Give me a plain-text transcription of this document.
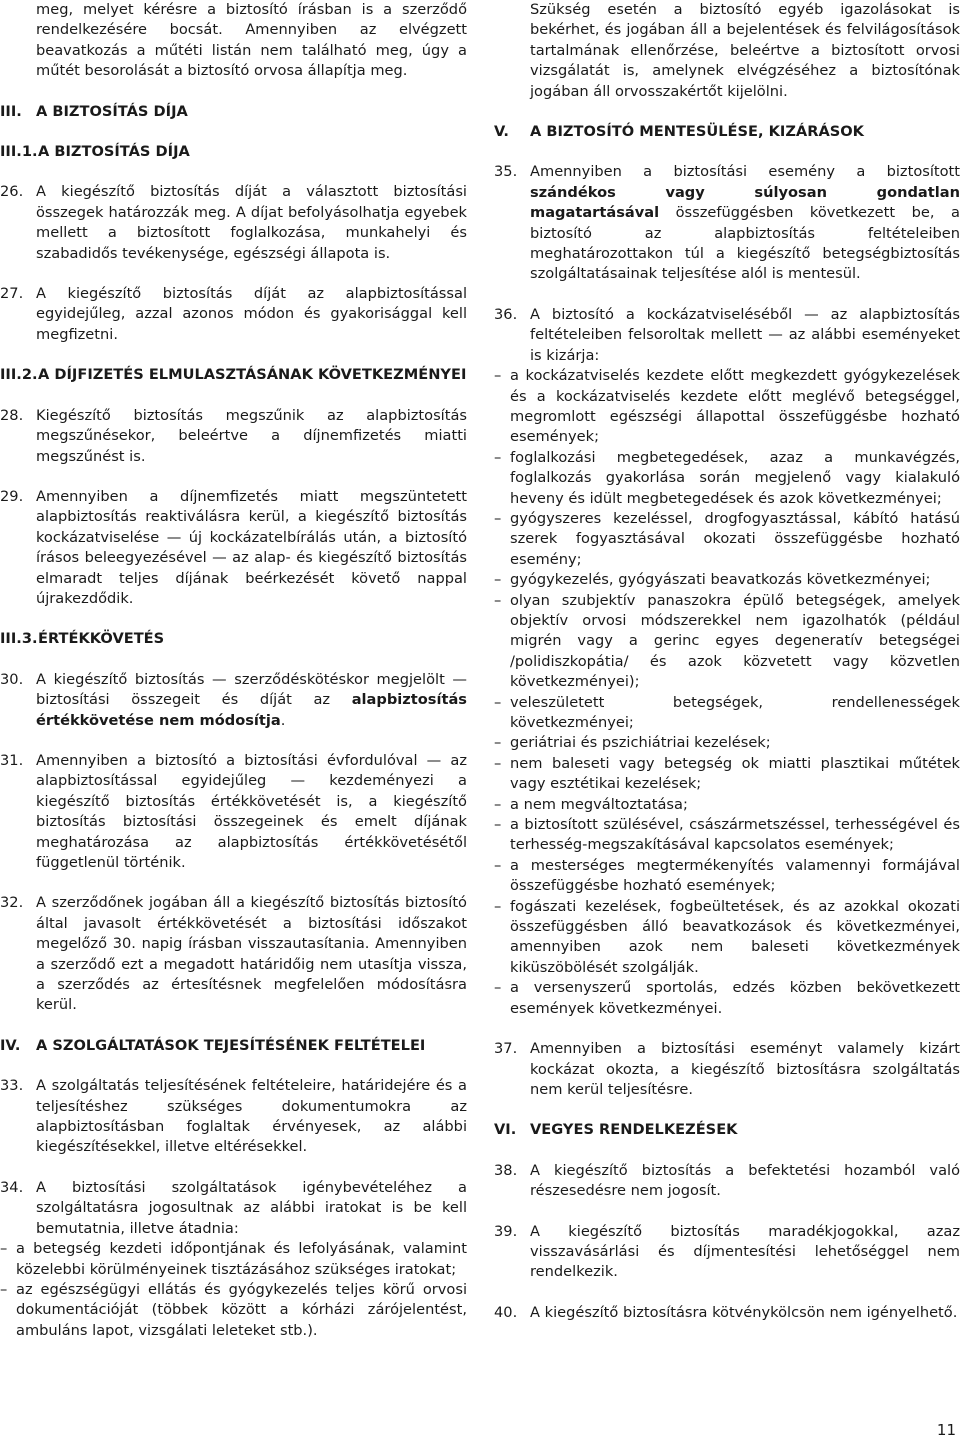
meg, melyet kérésre a biztosító írásban is a szerződő rendelkezésére bocsát. Amennyiben az elvégzett beavatkozás a műtéti listán nem található meg, úgy a műtét besorolását a biztosító orvosa állapítja meg.
III. A BIZTOSÍTÁS DÍJA
III.1. A BIZTOSÍTÁS DÍJA
26. A kiegészítő biztosítás díját a választott biztosítási összegek határozzák meg. A díjat befolyásolhatja egyebek mellett a biztosított foglalkozása, munkahelyi és szabadidős tevékenysége, egészségi állapota is.
27. A kiegészítő biztosítás díját az alapbiztosítással egyidejűleg, azzal azonos módon és gyakorisággal kell megfizetni.
III.2. A DÍJFIZETÉS ELMULASZTÁSÁNAK KÖVETKEZMÉNYEI
28. Kiegészítő biztosítás megszűnik az alapbiztosítás megszűnésekor, beleértve a díjnemfizetés miatti megszűnést is.
29. Amennyiben a díjnemfizetés miatt megszüntetett alapbiztosítás reaktiválásra kerül, a kiegészítő biztosítás kockázatviselése — új kockázatelbírálás után, a biztosító írásos beleegyezésével — az alap- és kiegészítő biztosítás elmaradt teljes díjának beérkezését követő nappal újrakezdődik.
III.3. ÉRTÉKKÖVETÉS
30. A kiegészítő biztosítás — szerződéskötéskor megjelölt — biztosítási összegeit és díját az alapbiztosítás értékkövetése nem módosítja.
31. Amennyiben a biztosító a biztosítási évfordulóval — az alapbiztosítással egyidejűleg — kezdeményezi a kiegészítő biztosítás értékkövetését is, a kiegészítő biztosítás biztosítási összegeinek és emelt díjának meghatározása az alapbiztosítás értékkövetésétől függetlenül történik.
32. A szerződőnek jogában áll a kiegészítő biztosítás biztosító által javasolt értékkövetését a biztosítási időszakot megelőző 30. napig írásban visszautasítania. Amennyiben a szerződő ezt a megadott határidőig nem utasítja vissza, a szerződés az értesítésnek megfelelően módosításra kerül.
IV.	A SZOLGÁLTATÁSOK TEJESÍTÉSÉNEK FELTÉTELEI
33. A szolgáltatás teljesítésének feltételeire, határidejére és a teljesítéshez szükséges dokumentumokra az alapbiztosításban foglaltak érvényesek, az alábbi kiegészítésekkel, illetve eltérésekkel.
34. A biztosítási szolgáltatások igénybevételéhez a szolgáltatásra jogosultnak az alábbi iratokat is be kell bemutatnia, illetve átadnia:
– a betegség kezdeti időpontjának és lefolyásának, valamint közelebbi körülményeinek tisztázásához szükséges iratokat;
– az egészségügyi ellátás és gyógykezelés teljes körű orvosi dokumentációját (többek között a kórházi zárójelentést, ambuláns lapot, vizsgálati leleteket stb.).
Szükség esetén a biztosító egyéb igazolásokat is bekérhet, és jogában áll a bejelentések és felvilágosítások tartalmának ellenőrzése, beleértve a biztosított orvosi vizsgálatát is, amelynek elvégzéséhez a biztosítónak jogában áll orvosszakértőt kijelölni.
V.	A BIZTOSÍTÓ MENTESÜLÉSE, KIZÁRÁSOK
35. Amennyiben a biztosítási esemény a biztosított szándékos vagy súlyosan gondatlan magatartásával összefüggésben következett be, a biztosító az alapbiztosítás feltételeiben meghatározottakon túl a kiegészítő betegségbiztosítás szolgáltatásainak teljesítése alól is mentesül.
36. A biztosító a kockázatviseléséből — az alapbiztosítás feltételeiben felsoroltak mellett — az alábbi eseményeket is kizárja:
– a kockázatviselés kezdete előtt megkezdett gyógykezelések és a kockázatviselés kezdete előtt meglévő betegséggel, megromlott egészségi állapottal összefüggésbe hozható események;
– foglalkozási megbetegedések, azaz a munkavégzés, foglalkozás gyakorlása során megjelenő vagy kialakuló heveny és idült megbetegedések és azok következményei;
– gyógyszeres kezeléssel, drogfogyasztással, kábító hatású szerek fogyasztásával okozati összefüggésbe hozható esemény;
– gyógykezelés, gyógyászati beavatkozás következményei;
– olyan szubjektív panaszokra épülő betegségek, amelyek objektív orvosi módszerekkel nem igazolhatók (például migrén vagy a gerinc egyes degeneratív betegségei /polidiszkopátia/ és azok közvetett vagy közvetlen következményei);
– veleszületett betegségek, rendellenességek következményei;
– geriátriai és pszichiátriai kezelések;
– nem baleseti vagy betegség ok miatti plasztikai műtétek vagy esztétikai kezelések;
– a nem megváltoztatása;
– a biztosított szülésével, császármetszéssel, terhességével és terhesség-megszakításával kapcsolatos események;
– a mesterséges megtermékenyítés valamennyi formájával összefüggésbe hozható események;
– fogászati kezelések, fogbeültetések, és az azokkal okozati összefüggésben álló beavatkozások és következményei, amennyiben azok nem baleseti következmények kiküszöbölését szolgálják.
– a versenyszerű sportolás, edzés közben bekövetkezett események következményei.
37. Amennyiben a biztosítási eseményt valamely kizárt kockázat okozta, a kiegészítő biztosításra szolgáltatás nem kerül teljesítésre.
VI. VEGYES RENDELKEZÉSEK
38. A kiegészítő biztosítás a befektetési hozamból való részesedésre nem jogosít.
39. A kiegészítő biztosítás maradékjogokkal, azaz visszavásárlási és díjmentesítési lehetőséggel nem rendelkezik.
40. A kiegészítő biztosításra kötvénykölcsön nem igényelhető.
11
